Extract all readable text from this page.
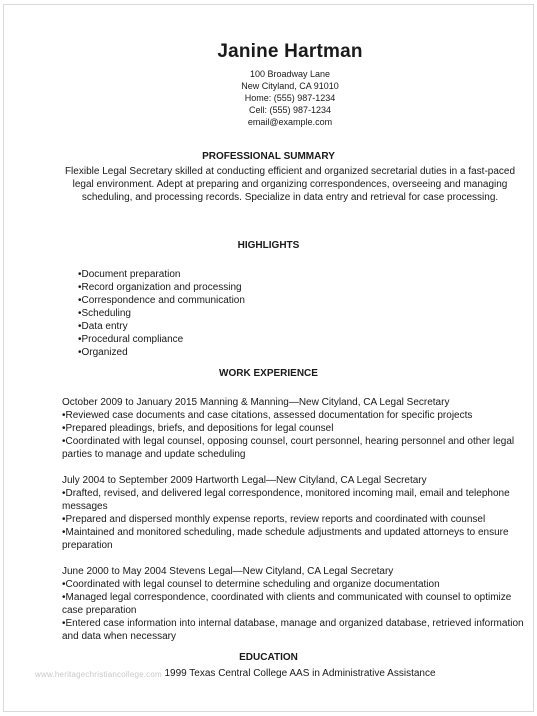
Janine Hartman
100 Broadway Lane
New Cityland, CA 91010
Home: (555) 987-1234
Cell: (555) 987-1234
email@example.com
PROFESSIONAL SUMMARY
Flexible Legal Secretary skilled at conducting efficient and organized secretarial duties in a fast-paced legal environment. Adept at preparing and organizing correspondences, overseeing and managing scheduling, and processing records. Specialize in data entry and retrieval for case processing.
HIGHLIGHTS
•Document preparation
•Record organization and processing
•Correspondence and communication
•Scheduling
•Data entry
•Procedural compliance
•Organized
WORK EXPERIENCE
October 2009 to January 2015 Manning & Manning—New Cityland, CA Legal Secretary
•Reviewed case documents and case citations, assessed documentation for specific projects
•Prepared pleadings, briefs, and depositions for legal counsel
•Coordinated with legal counsel, opposing counsel, court personnel, hearing personnel and other legal parties to manage and update scheduling
July 2004 to September 2009 Hartworth Legal—New Cityland, CA Legal Secretary
•Drafted, revised, and delivered legal correspondence, monitored incoming mail, email and telephone messages
•Prepared and dispersed monthly expense reports, review reports and coordinated with counsel
•Maintained and monitored scheduling, made schedule adjustments and updated attorneys to ensure preparation
June 2000 to May 2004 Stevens Legal—New Cityland, CA Legal Secretary
•Coordinated with legal counsel to determine scheduling and organize documentation
•Managed legal correspondence, coordinated with clients and communicated with counsel to optimize case preparation
•Entered case information into internal database, manage and organized database, retrieved information and data when necessary
EDUCATION
www.heritagechristiancollege.com 1999 Texas Central College AAS in Administrative Assistance
